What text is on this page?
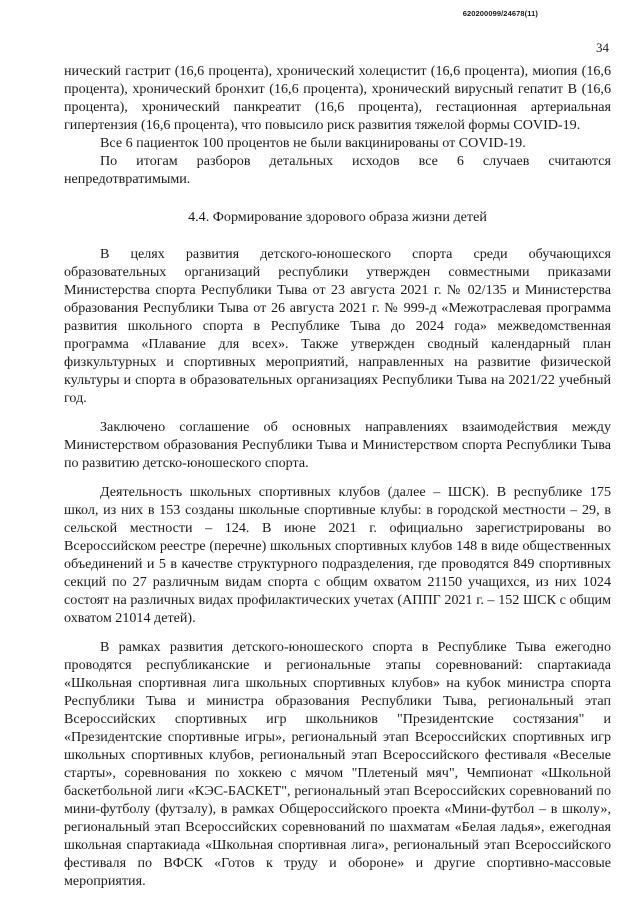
620200099/24678(11)
34

нический гастрит (16,6 процента), хронический холецистит (16,6 процента), миопия (16,6 процента), хронический бронхит (16,6 процента), хронический вирусный гепатит В (16,6 процента), хронический панкреатит (16,6 процента), гестационная артериальная гипертензия (16,6 процента), что повысило риск развития тяжелой формы COVID-19.

Все 6 пациенток 100 процентов не были вакцинированы от COVID-19.

По итогам разборов детальных исходов все 6 случаев считаются непредотвратимыми.

4.4. Формирование здорового образа жизни детей

В целях развития детского-юношеского спорта среди обучающихся образовательных организаций республики утвержден совместными приказами Министерства спорта Республики Тыва от 23 августа 2021 г. № 02/135 и Министерства образования Республики Тыва от 26 августа 2021 г. № 999-д «Межотраслевая программа развития школьного спорта в Республике Тыва до 2024 года» межведомственная программа «Плавание для всех». Также утвержден сводный календарный план физкультурных и спортивных мероприятий, направленных на развитие физической культуры и спорта в образовательных организациях Республики Тыва на 2021/22 учебный год.

Заключено соглашение об основных направлениях взаимодействия между Министерством образования Республики Тыва и Министерством спорта Республики Тыва по развитию детско-юношеского спорта.

Деятельность школьных спортивных клубов (далее – ШСК). В республике 175 школ, из них в 153 созданы школьные спортивные клубы: в городской местности – 29, в сельской местности – 124. В июне 2021 г. официально зарегистрированы во Всероссийском реестре (перечне) школьных спортивных клубов 148 в виде общественных объединений и 5 в качестве структурного подразделения, где проводятся 849 спортивных секций по 27 различным видам спорта с общим охватом 21150 учащихся, из них 1024 состоят на различных видах профилактических учетах (АППГ 2021 г. – 152 ШСК с общим охватом 21014 детей).

В рамках развития детского-юношеского спорта в Республике Тыва ежегодно проводятся республиканские и региональные этапы соревнований: спартакиада «Школьная спортивная лига школьных спортивных клубов» на кубок министра спорта Республики Тыва и министра образования Республики Тыва, региональный этап Всероссийских спортивных игр школьников "Президентские состязания" и «Президентские спортивные игры», региональный этап Всероссийских спортивных игр школьных спортивных клубов, региональный этап Всероссийского фестиваля «Веселые старты», соревнования по хоккею с мячом "Плетеный мяч", Чемпионат «Школьной баскетбольной лиги «КЭС-БАСКЕТ", региональный этап Всероссийских соревнований по мини-футболу (футзалу), в рамках Общероссийского проекта «Мини-футбол – в школу», региональный этап Всероссийских соревнований по шахматам «Белая ладья», ежегодная школьная спартакиада «Школьная спортивная лига», региональный этап Всероссийского фестиваля по ВФСК «Готов к труду и обороне» и другие спортивно-массовые мероприятия.
